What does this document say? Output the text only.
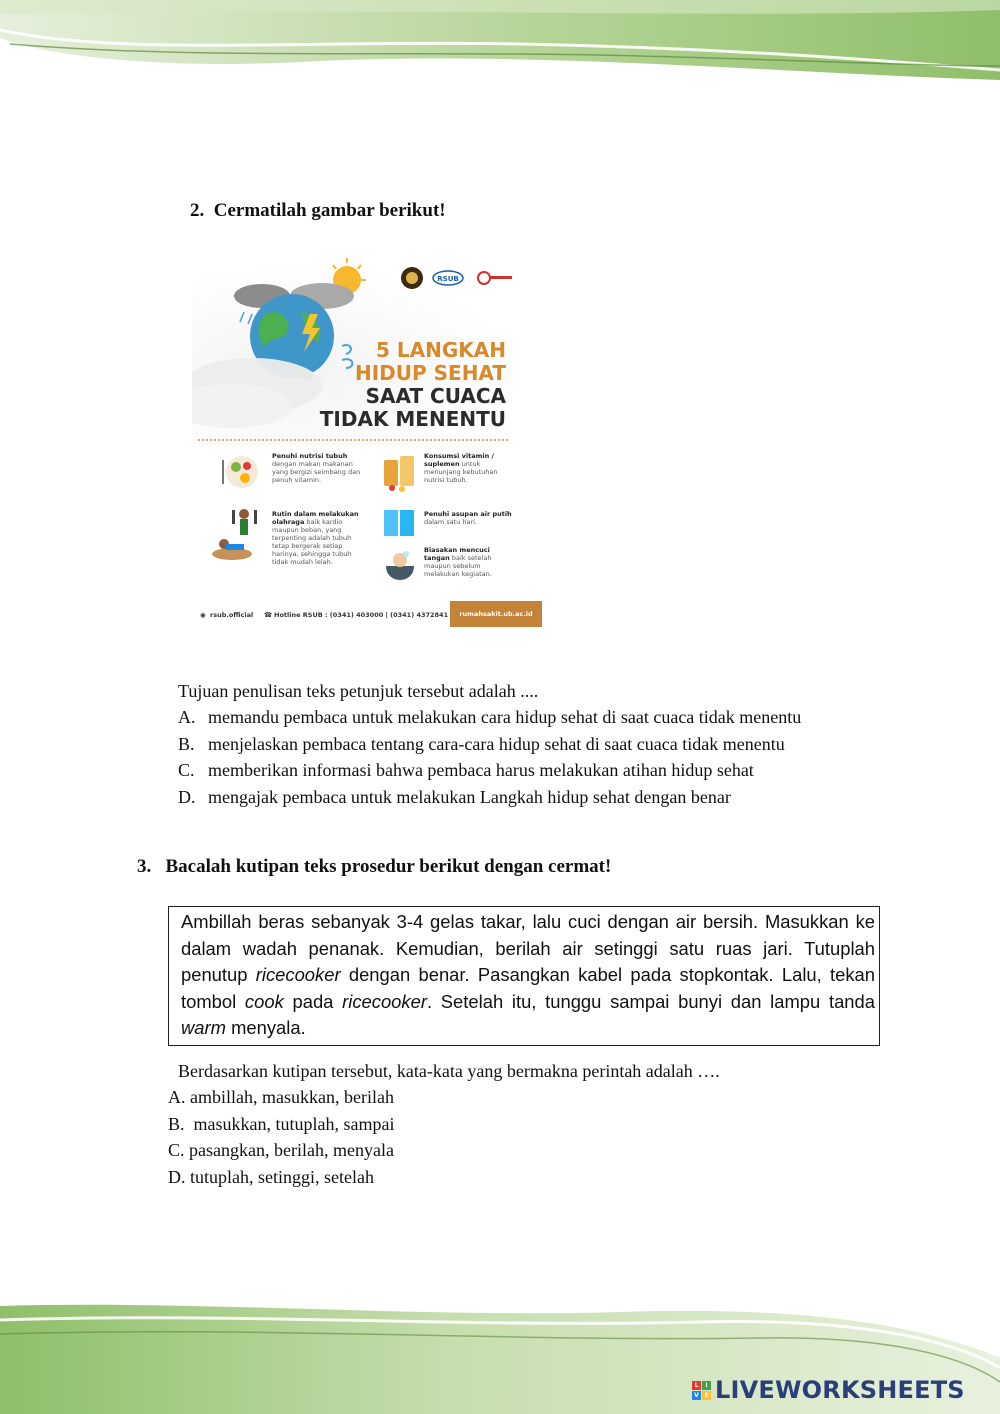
2. Cermatilah gambar berikut!
RSUB
5 LANGKAH
HIDUP SEHAT
SAAT CUACA
TIDAK MENENTU
Penuhi nutrisi tubuh dengan makan makanan yang bergizi seimbang dan penuh vitamin.
Konsumsi vitamin / suplemen untuk menunjang kebutuhan nutrisi tubuh.
Rutin dalam melakukan olahraga baik kardio maupun beban, yang terpenting adalah tubuh tetap bergerak setiap harinya, sehingga tubuh tidak mudah lelah.
Penuhi asupan air putih dalam satu hari.
Biasakan mencuci tangan baik setelah maupun sebelum melakukan kegiatan.
◉ rsub.official ☎ Hotline RSUB : (0341) 403000 | (0341) 4372841	rumahsakit.ub.ac.id
Tujuan penulisan teks petunjuk tersebut adalah ....
A. memandu pembaca untuk melakukan cara hidup sehat di saat cuaca tidak menentu
B. menjelaskan pembaca tentang cara-cara hidup sehat di saat cuaca tidak menentu
C. memberikan informasi bahwa pembaca harus melakukan atihan hidup sehat
D. mengajak pembaca untuk melakukan Langkah hidup sehat dengan benar
3. Bacalah kutipan teks prosedur berikut dengan cermat!
Ambillah beras sebanyak 3-4 gelas takar, lalu cuci dengan air bersih. Masukkan ke dalam wadah penanak. Kemudian, berilah air setinggi satu ruas jari. Tutuplah penutup ricecooker dengan benar. Pasangkan kabel pada stopkontak. Lalu, tekan tombol cook pada ricecooker. Setelah itu, tunggu sampai bunyi dan lampu tanda warm menyala.
Berdasarkan kutipan tersebut, kata-kata yang bermakna perintah adalah ….
A. ambillah, masukkan, berilah
B. masukkan, tutuplah, sampai
C. pasangkan, berilah, menyala
D. tutuplah, setinggi, setelah
L	I
V E LIVEWORKSHEETS
